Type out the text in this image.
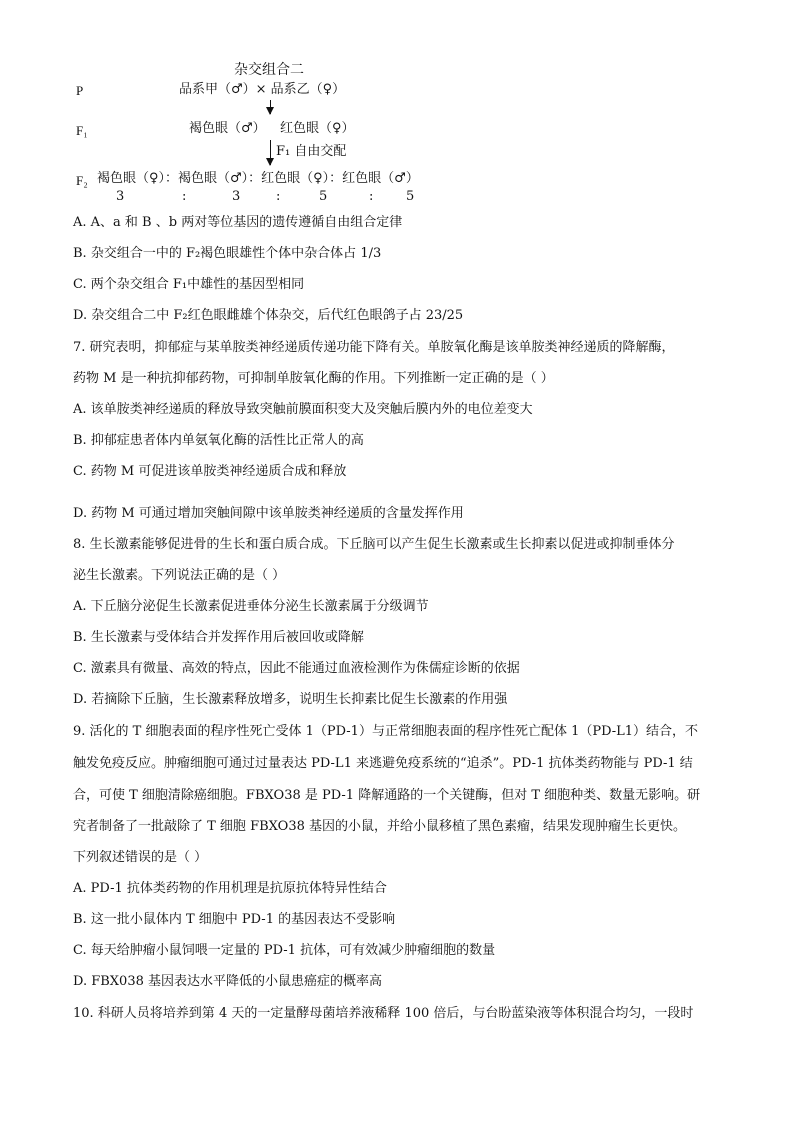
杂交组合二
P	品系甲（♂）× 品系乙（♀）
F₁	褐色眼（♂） 红色眼（♀）
F₁ 自由交配
F₂ 褐色眼（♀）：褐色眼（♂）：红色眼（♀）：红色眼（♂）
3	:	3	:	5	:	5
A. A、a 和 B 、b 两对等位基因的遗传遵循自由组合定律
B. 杂交组合一中的 F₂褐色眼雄性个体中杂合体占 1/3
C. 两个杂交组合 F₁中雄性的基因型相同
D. 杂交组合二中 F₂红色眼雌雄个体杂交，后代红色眼鸽子占 23/25
7. 研究表明，抑郁症与某单胺类神经递质传递功能下降有关。单胺氧化酶是该单胺类神经递质的降解酶，
药物 M 是一种抗抑郁药物，可抑制单胺氧化酶的作用。下列推断一定正确的是（ ）
A. 该单胺类神经递质的释放导致突触前膜面积变大及突触后膜内外的电位差变大
B. 抑郁症患者体内单氨氧化酶的活性比正常人的高
C. 药物 M 可促进该单胺类神经递质合成和释放
D. 药物 M 可通过增加突触间隙中该单胺类神经递质的含量发挥作用
8. 生长激素能够促进骨的生长和蛋白质合成。下丘脑可以产生促生长激素或生长抑素以促进或抑制垂体分
泌生长激素。下列说法正确的是（ ）
A. 下丘脑分泌促生长激素促进垂体分泌生长激素属于分级调节
B. 生长激素与受体结合并发挥作用后被回收或降解
C. 激素具有微量、高效的特点，因此不能通过血液检测作为侏儒症诊断的依据
D. 若摘除下丘脑，生长激素释放增多，说明生长抑素比促生长激素的作用强
9. 活化的 T 细胞表面的程序性死亡受体 1（PD-1）与正常细胞表面的程序性死亡配体 1（PD-L1）结合，不
触发免疫反应。肿瘤细胞可通过过量表达 PD-L1 来逃避免疫系统的“追杀”。PD-1 抗体类药物能与 PD-1 结
合，可使 T 细胞清除癌细胞。FBXO38 是 PD-1 降解通路的一个关键酶，但对 T 细胞种类、数量无影响。研
究者制备了一批敲除了 T 细胞 FBXO38 基因的小鼠，并给小鼠移植了黑色素瘤，结果发现肿瘤生长更快。
下列叙述错误的是（ ）
A. PD-1 抗体类药物的作用机理是抗原抗体特异性结合
B. 这一批小鼠体内 T 细胞中 PD-1 的基因表达不受影响
C. 每天给肿瘤小鼠饲喂一定量的 PD-1 抗体，可有效减少肿瘤细胞的数量
D. FBX038 基因表达水平降低的小鼠患癌症的概率高
10. 科研人员将培养到第 4 天的一定量酵母菌培养液稀释 100 倍后，与台盼蓝染液等体积混合均匀，一段时
